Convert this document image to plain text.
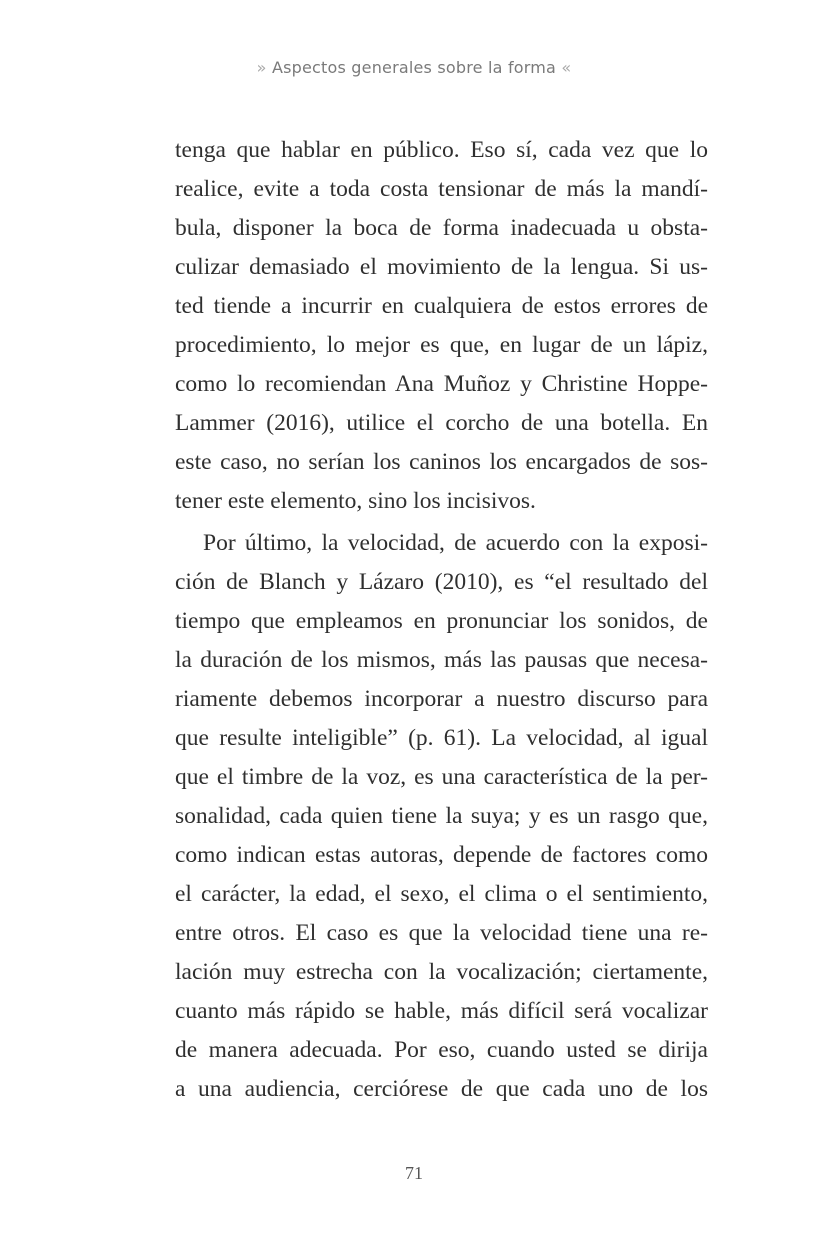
» Aspectos generales sobre la forma «
tenga que hablar en público. Eso sí, cada vez que lo
realice, evite a toda costa tensionar de más la mandí-
bula, disponer la boca de forma inadecuada u obsta-
culizar demasiado el movimiento de la lengua. Si us-
ted tiende a incurrir en cualquiera de estos errores de
procedimiento, lo mejor es que, en lugar de un lápiz,
como lo recomiendan Ana Muñoz y Christine Hoppe-
Lammer (2016), utilice el corcho de una botella. En
este caso, no serían los caninos los encargados de sos-
tener este elemento, sino los incisivos.
Por último, la velocidad, de acuerdo con la exposi-
ción de Blanch y Lázaro (2010), es “el resultado del
tiempo que empleamos en pronunciar los sonidos, de
la duración de los mismos, más las pausas que necesa-
riamente debemos incorporar a nuestro discurso para
que resulte inteligible” (p. 61). La velocidad, al igual
que el timbre de la voz, es una característica de la per-
sonalidad, cada quien tiene la suya; y es un rasgo que,
como indican estas autoras, depende de factores como
el carácter, la edad, el sexo, el clima o el sentimiento,
entre otros. El caso es que la velocidad tiene una re-
lación muy estrecha con la vocalización; ciertamente,
cuanto más rápido se hable, más difícil será vocalizar
de manera adecuada. Por eso, cuando usted se dirija
a una audiencia, cerciórese de que cada uno de los
71
